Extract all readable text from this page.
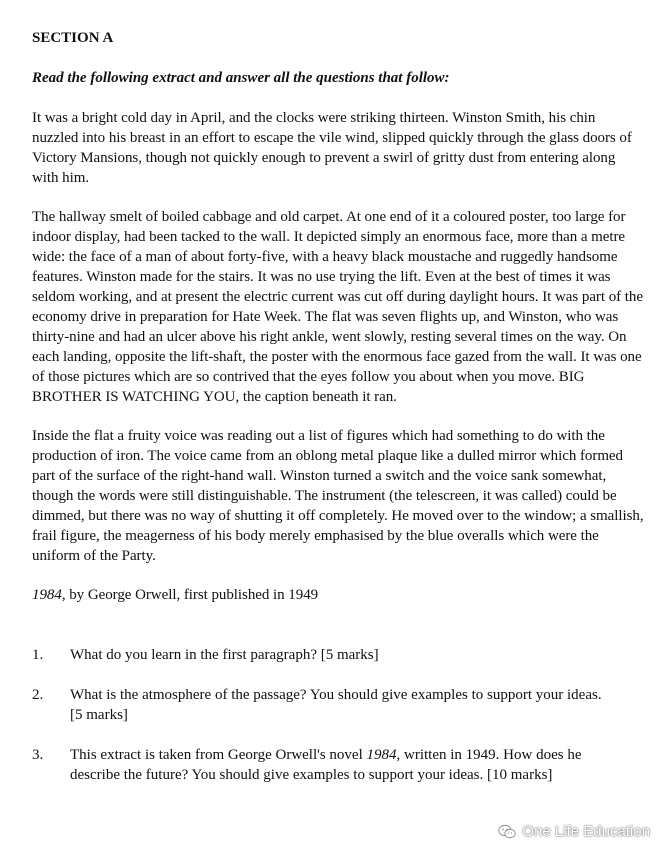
SECTION A

Read the following extract and answer all the questions that follow:

It was a bright cold day in April, and the clocks were striking thirteen. Winston Smith, his chin nuzzled into his breast in an effort to escape the vile wind, slipped quickly through the glass doors of Victory Mansions, though not quickly enough to prevent a swirl of gritty dust from entering along with him.

The hallway smelt of boiled cabbage and old carpet. At one end of it a coloured poster, too large for indoor display, had been tacked to the wall. It depicted simply an enormous face, more than a metre wide: the face of a man of about forty-five, with a heavy black moustache and ruggedly handsome features. Winston made for the stairs. It was no use trying the lift. Even at the best of times it was seldom working, and at present the electric current was cut off during daylight hours. It was part of the economy drive in preparation for Hate Week. The flat was seven flights up, and Winston, who was thirty-nine and had an ulcer above his right ankle, went slowly, resting several times on the way. On each landing, opposite the lift-shaft, the poster with the enormous face gazed from the wall. It was one of those pictures which are so contrived that the eyes follow you about when you move. BIG BROTHER IS WATCHING YOU, the caption beneath it ran.

Inside the flat a fruity voice was reading out a list of figures which had something to do with the production of iron. The voice came from an oblong metal plaque like a dulled mirror which formed part of the surface of the right-hand wall. Winston turned a switch and the voice sank somewhat, though the words were still distinguishable. The instrument (the telescreen, it was called) could be dimmed, but there was no way of shutting it off completely. He moved over to the window; a smallish, frail figure, the meagerness of his body merely emphasised by the blue overalls which were the uniform of the Party.

1984, by George Orwell, first published in 1949

1.	What do you learn in the first paragraph? [5 marks]
2.	What is the atmosphere of the passage? You should give examples to support your ideas. [5 marks]
3.	This extract is taken from George Orwell's novel 1984, written in 1949. How does he describe the future? You should give examples to support your ideas. [10 marks]
One Life Education
